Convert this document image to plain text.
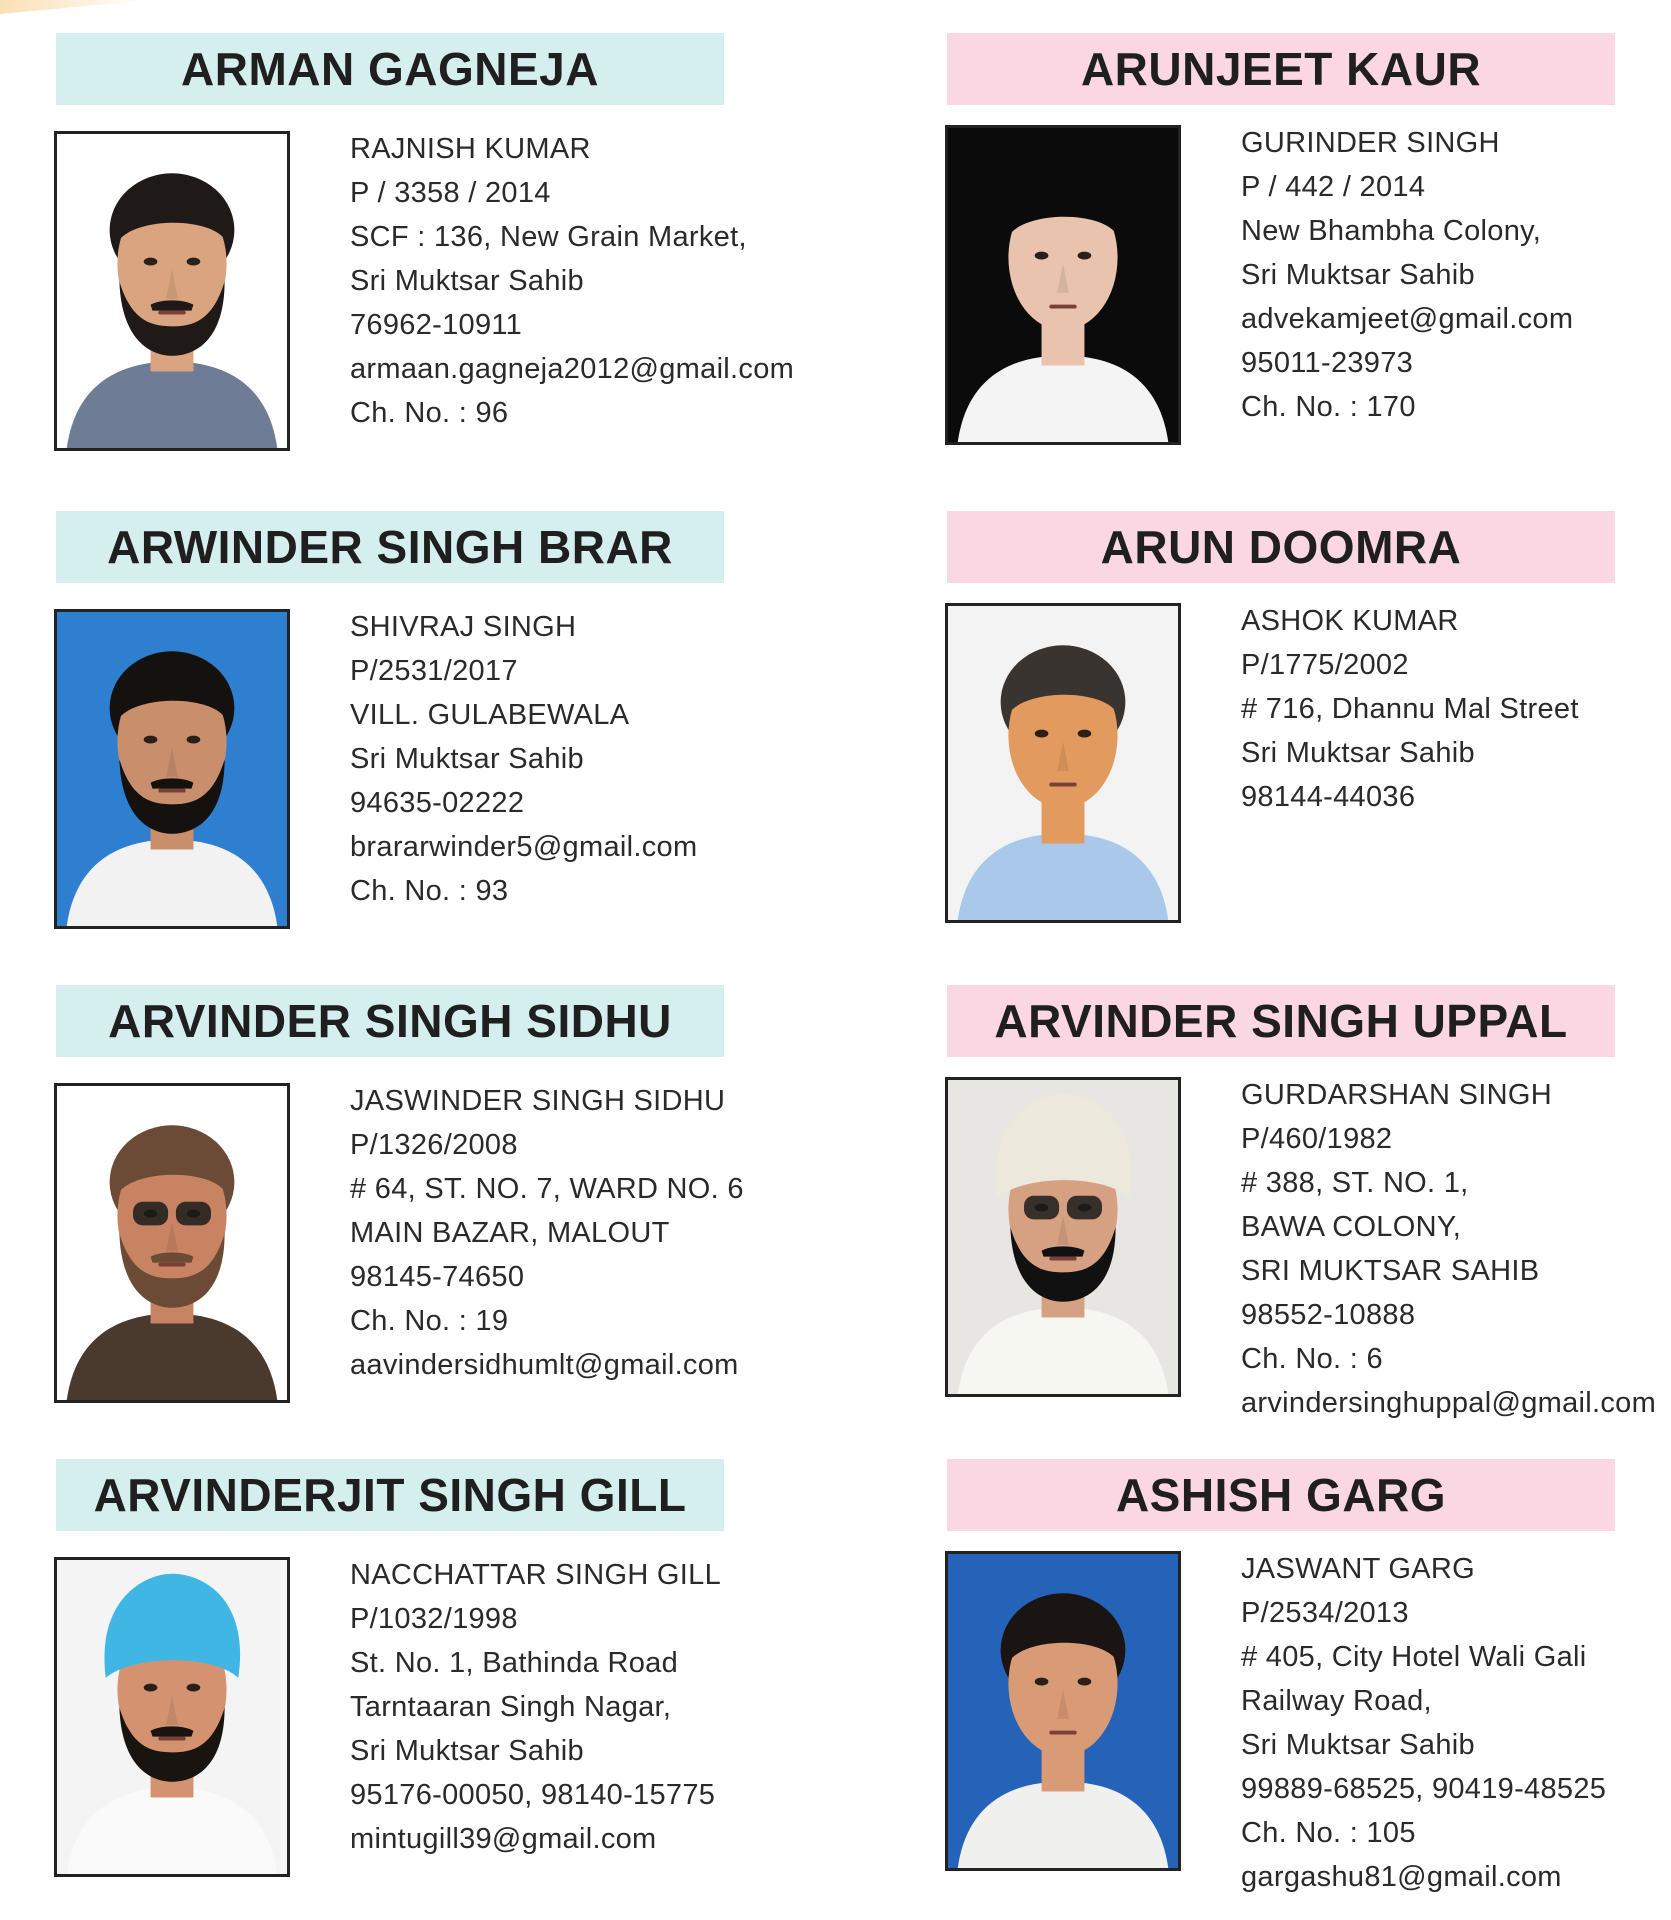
ARMAN GAGNEJA
RAJNISH KUMAR
P / 3358 / 2014
SCF : 136, New Grain Market,
Sri Muktsar Sahib
76962-10911
armaan.gagneja2012@gmail.com
Ch. No. : 96
ARUNJEET KAUR
GURINDER SINGH
P / 442 / 2014
New Bhambha Colony,
Sri Muktsar Sahib
advekamjeet@gmail.com
95011-23973
Ch. No. : 170
ARWINDER SINGH BRAR
SHIVRAJ SINGH
P/2531/2017
VILL. GULABEWALA
Sri Muktsar Sahib
94635-02222
brararwinder5@gmail.com
Ch. No. : 93
ARUN DOOMRA
ASHOK KUMAR
P/1775/2002
# 716, Dhannu Mal Street
Sri Muktsar Sahib
98144-44036
ARVINDER SINGH SIDHU
JASWINDER SINGH SIDHU
P/1326/2008
# 64, ST. NO. 7, WARD NO. 6
MAIN BAZAR, MALOUT
98145-74650
Ch. No. : 19
aavindersidhumlt@gmail.com
ARVINDER SINGH UPPAL
GURDARSHAN SINGH
P/460/1982
# 388, ST. NO. 1,
BAWA COLONY,
SRI MUKTSAR SAHIB
98552-10888
Ch. No. : 6
arvindersinghuppal@gmail.com
ARVINDERJIT SINGH GILL
NACCHATTAR SINGH GILL
P/1032/1998
St. No. 1, Bathinda Road
Tarntaaran Singh Nagar,
Sri Muktsar Sahib
95176-00050, 98140-15775
mintugill39@gmail.com
ASHISH GARG
JASWANT GARG
P/2534/2013
# 405, City Hotel Wali Gali
Railway Road,
Sri Muktsar Sahib
99889-68525, 90419-48525
Ch. No. : 105
gargashu81@gmail.com
